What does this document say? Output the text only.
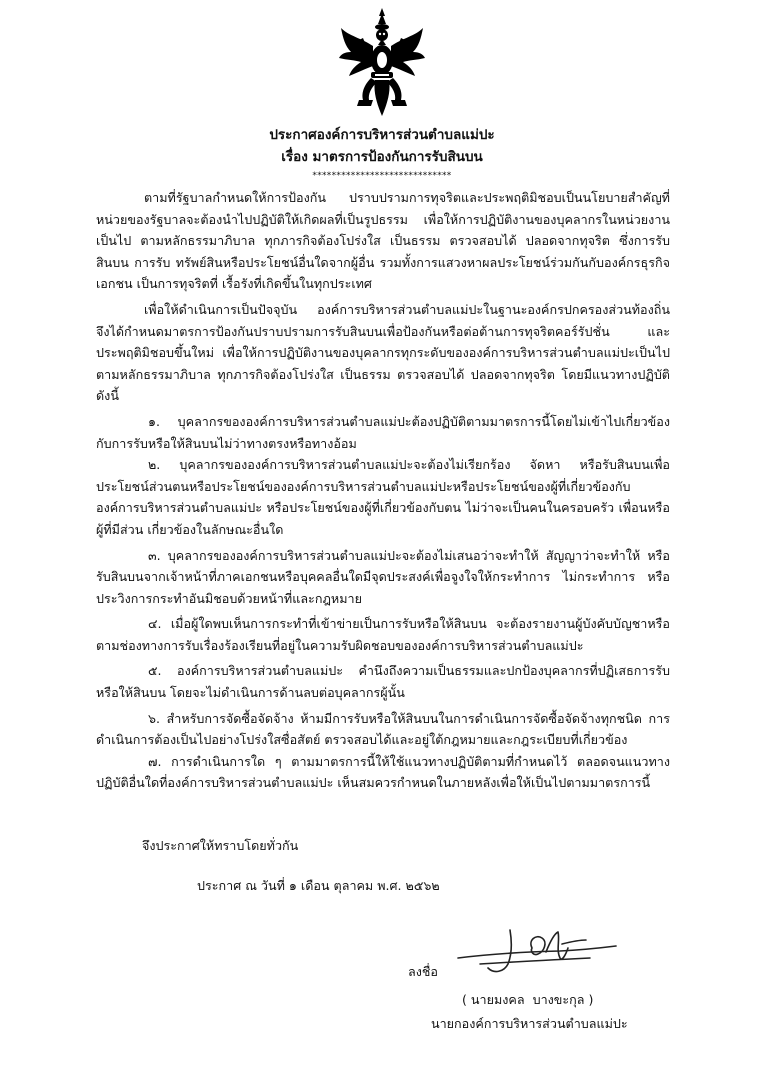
ประกาศองค์การบริหารส่วนตำบลแม่ปะ
เรื่อง มาตรการป้องกันการรับสินบน
*****************************

ตามที่รัฐบาลกำหนดให้การป้องกัน ปราบปรามการทุจริตและประพฤติมิชอบเป็นนโยบายสำคัญที่หน่วยของรัฐบาลจะต้องนำไปปฏิบัติให้เกิดผลที่เป็นรูปธรรม เพื่อให้การปฏิบัติงานของบุคลากรในหน่วยงานเป็นไป ตามหลักธรรมาภิบาล ทุกภารกิจต้องโปร่งใส เป็นธรรม ตรวจสอบได้ ปลอดจากทุจริต ซึ่งการรับสินบน การรับ ทรัพย์สินหรือประโยชน์อื่นใดจากผู้อื่น รวมทั้งการแสวงหาผลประโยชน์ร่วมกันกับองค์กรธุรกิจเอกชน เป็นการทุจริตที่ เรื้อรังที่เกิดขึ้นในทุกประเทศ

เพื่อให้ดำเนินการเป็นปัจจุบัน องค์การบริหารส่วนตำบลแม่ปะในฐานะองค์กรปกครองส่วนท้องถิ่น จึงได้กำหนดมาตรการป้องกันปราบปรามการรับสินบนเพื่อป้องกันหรือต่อต้านการทุจริตคอร์รัปชั่น และประพฤติมิชอบขึ้นใหม่ เพื่อให้การปฏิบัติงานของบุคลากรทุกระดับขององค์การบริหารส่วนตำบลแม่ปะเป็นไป ตามหลักธรรมาภิบาล ทุกภารกิจต้องโปร่งใส เป็นธรรม ตรวจสอบได้ ปลอดจากทุจริต โดยมีแนวทางปฏิบัติดังนี้

๑. บุคลากรขององค์การบริหารส่วนตำบลแม่ปะต้องปฏิบัติตามมาตรการนี้โดยไม่เข้าไปเกี่ยวข้องกับการรับหรือให้สินบนไม่ว่าทางตรงหรือทางอ้อม

๒. บุคลากรขององค์การบริหารส่วนตำบลแม่ปะจะต้องไม่เรียกร้อง จัดหา หรือรับสินบนเพื่อประโยชน์ส่วนตนหรือประโยชน์ขององค์การบริหารส่วนตำบลแม่ปะหรือประโยชน์ของผู้ที่เกี่ยวข้องกับองค์การบริหารส่วนตำบลแม่ปะ หรือประโยชน์ของผู้ที่เกี่ยวข้องกับตน ไม่ว่าจะเป็นคนในครอบครัว เพื่อนหรือผู้ที่มีส่วน เกี่ยวข้องในลักษณะอื่นใด

๓. บุคลากรขององค์การบริหารส่วนตำบลแม่ปะจะต้องไม่เสนอว่าจะทำให้ สัญญาว่าจะทำให้ หรือรับสินบนจากเจ้าหน้าที่ภาคเอกชนหรือบุคคลอื่นใดมีจุดประสงค์เพื่อจูงใจให้กระทำการ ไม่กระทำการ หรือประวิงการกระทำอันมิชอบด้วยหน้าที่และกฎหมาย

๔. เมื่อผู้ใดพบเห็นการกระทำที่เข้าข่ายเป็นการรับหรือให้สินบน จะต้องรายงานผู้บังคับบัญชาหรือตามช่องทางการรับเรื่องร้องเรียนที่อยู่ในความรับผิดชอบขององค์การบริหารส่วนตำบลแม่ปะ

๕. องค์การบริหารส่วนตำบลแม่ปะ คำนึงถึงความเป็นธรรมและปกป้องบุคลากรที่ปฏิเสธการรับ หรือให้สินบน โดยจะไม่ดำเนินการด้านลบต่อบุคลากรผู้นั้น

๖. สำหรับการจัดซื้อจัดจ้าง ห้ามมีการรับหรือให้สินบนในการดำเนินการจัดซื้อจัดจ้างทุกชนิด การดำเนินการต้องเป็นไปอย่างโปร่งใสซื่อสัตย์ ตรวจสอบได้และอยู่ใต้กฎหมายและกฎระเบียบที่เกี่ยวข้อง

๗. การดำเนินการใด ๆ ตามมาตรการนี้ให้ใช้แนวทางปฏิบัติตามที่กำหนดไว้ ตลอดจนแนวทางปฏิบัติอื่นใดที่องค์การบริหารส่วนตำบลแม่ปะ เห็นสมควรกำหนดในภายหลังเพื่อให้เป็นไปตามมาตรการนี้

จึงประกาศให้ทราบโดยทั่วกัน
ประกาศ ณ วันที่ ๑ เดือน ตุลาคม พ.ศ. ๒๕๖๒
ลงชื่อ
( นายมงคล  บางขะกุล )
นายกองค์การบริหารส่วนตำบลแม่ปะ
